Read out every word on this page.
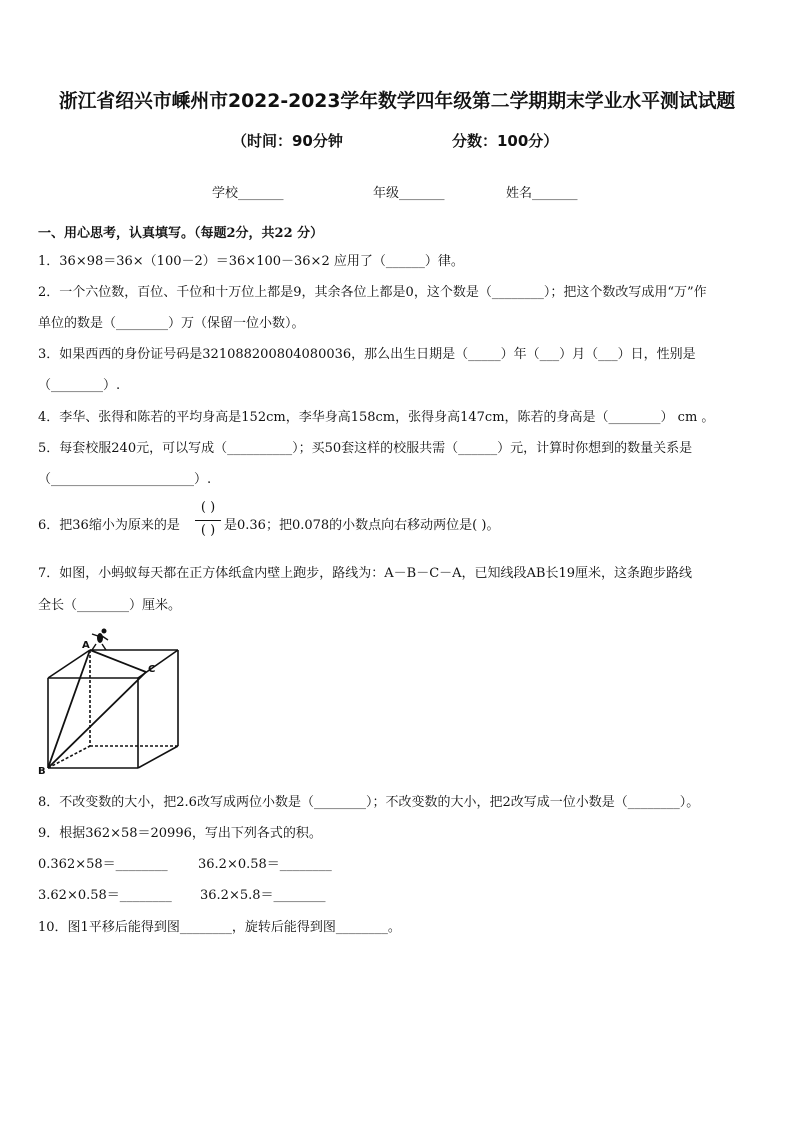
浙江省绍兴市嵊州市2022-2023学年数学四年级第二学期期末学业水平测试试题
（时间：90分钟	分数：100分）
学校_______	年级_______	姓名_______
一、用心思考，认真填写。（每题2分，共22 分）
1．36×98＝36×（100－2）＝36×100－36×2 应用了（______）律。
2．一个六位数，百位、千位和十万位上都是9，其余各位上都是0，这个数是（________）；把这个数改写成用“万”作
单位的数是（________）万（保留一位小数）。
3．如果西西的身份证号码是321088200804080036，那么出生日期是（_____）年（___）月（___）日，性别是
（________）.
4．李华、张得和陈若的平均身高是152cm，李华身高158cm，张得身高147cm，陈若的身高是（________） cm 。
5．每套校服240元，可以写成（__________）；买50套这样的校服共需（______）元，计算时你想到的数量关系是
（______________________）.
6．把36缩小为原来的是
( )
( ) 是0.36；把0.078的小数点向右移动两位是( )。
7．如图，小蚂蚁每天都在正方体纸盒内壁上跑步，路线为：A－B－C－A，已知线段AB长19厘米，这条跑步路线
全长（________）厘米。
A
B
C
8．不改变数的大小，把2.6改写成两位小数是（________）；不改变数的大小，把2改写成一位小数是（________）。
9．根据362×58＝20996，写出下列各式的积。
0.362×58＝________ 36.2×0.58＝________
3.62×0.58＝________ 36.2×5.8＝________
10．图1平移后能得到图________，旋转后能得到图________。
